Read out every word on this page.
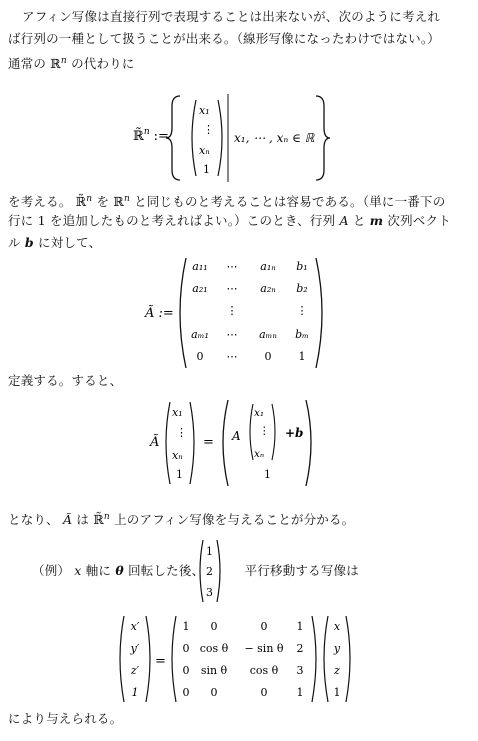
アフィン写像は直接行列で表現することは出来ないが、次のように考えれ
ば行列の一種として扱うことが出来る。（線形写像になったわけではない。）
通常の ℝ$^n$ の代わりに
ℝ̃$^n$ :=
x₁
⋮
xₙ
1
x₁, ⋯ , xₙ ∈ ℝ
を考える。 ℝ̃$^n$ を ℝ$^n$ と同じものと考えることは容易である。（単に一番下の
行に 1 を追加したものと考えればよい。）このとき、行列 A と m 次列ベクト
ル b に対して、
Ã :=
a₁₁ ⋯ a₁ₙ b₁
a₂₁ ⋯ a₂ₙ b₂
⋮	⋮
aₘ₁ ⋯ aₘₙ bₘ
0 ⋯ 0 1
定義する。すると、
Ã
x₁
⋮
xₙ
1
= A
x₁
⋮
xₙ
+b
1
となり、 Ã は ℝ̃$^n$ 上のアフィン写像を与えることが分かる。
（例） x 軸に θ 回転した後、	平行移動する写像は
1
2
3
=
x′
y′
z′
1
1 0	0	1
0 cos θ − sin θ 2
0 sin θ cos θ 3
0 0	0	1
x
y
z
1
により与えられる。
